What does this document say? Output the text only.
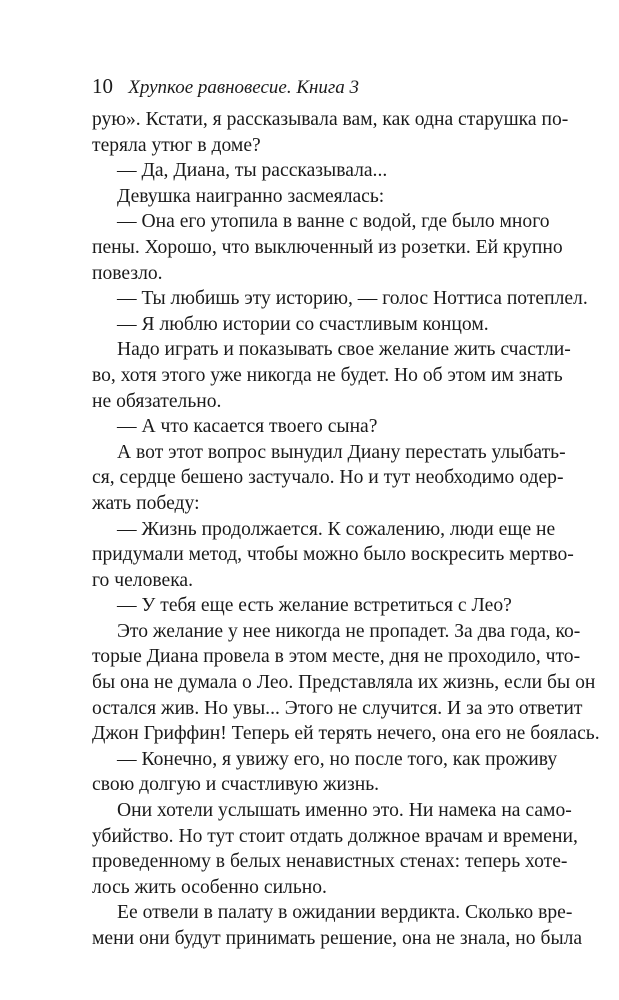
10 Хрупкое равновесие. Книга 3
рую». Кстати, я рассказывала вам, как одна старушка по-
теряла утюг в доме?
— Да, Диана, ты рассказывала...
Девушка наигранно засмеялась:
— Она его утопила в ванне с водой, где было много
пены. Хорошо, что выключенный из розетки. Ей крупно
повезло.
— Ты любишь эту историю, — голос Ноттиса потеплел.
— Я люблю истории со счастливым концом.
Надо играть и показывать свое желание жить счастли-
во, хотя этого уже никогда не будет. Но об этом им знать
не обязательно.
— А что касается твоего сына?
А вот этот вопрос вынудил Диану перестать улыбать-
ся, сердце бешено застучало. Но и тут необходимо одер-
жать победу:
— Жизнь продолжается. К сожалению, люди еще не
придумали метод, чтобы можно было воскресить мертво-
го человека.
— У тебя еще есть желание встретиться с Лео?
Это желание у нее никогда не пропадет. За два года, ко-
торые Диана провела в этом месте, дня не проходило, что-
бы она не думала о Лео. Представляла их жизнь, если бы он
остался жив. Но увы... Этого не случится. И за это ответит
Джон Гриффин! Теперь ей терять нечего, она его не боялась.
— Конечно, я увижу его, но после того, как проживу
свою долгую и счастливую жизнь.
Они хотели услышать именно это. Ни намека на само-
убийство. Но тут стоит отдать должное врачам и времени,
проведенному в белых ненавистных стенах: теперь хоте-
лось жить особенно сильно.
Ее отвели в палату в ожидании вердикта. Сколько вре-
мени они будут принимать решение, она не знала, но была
